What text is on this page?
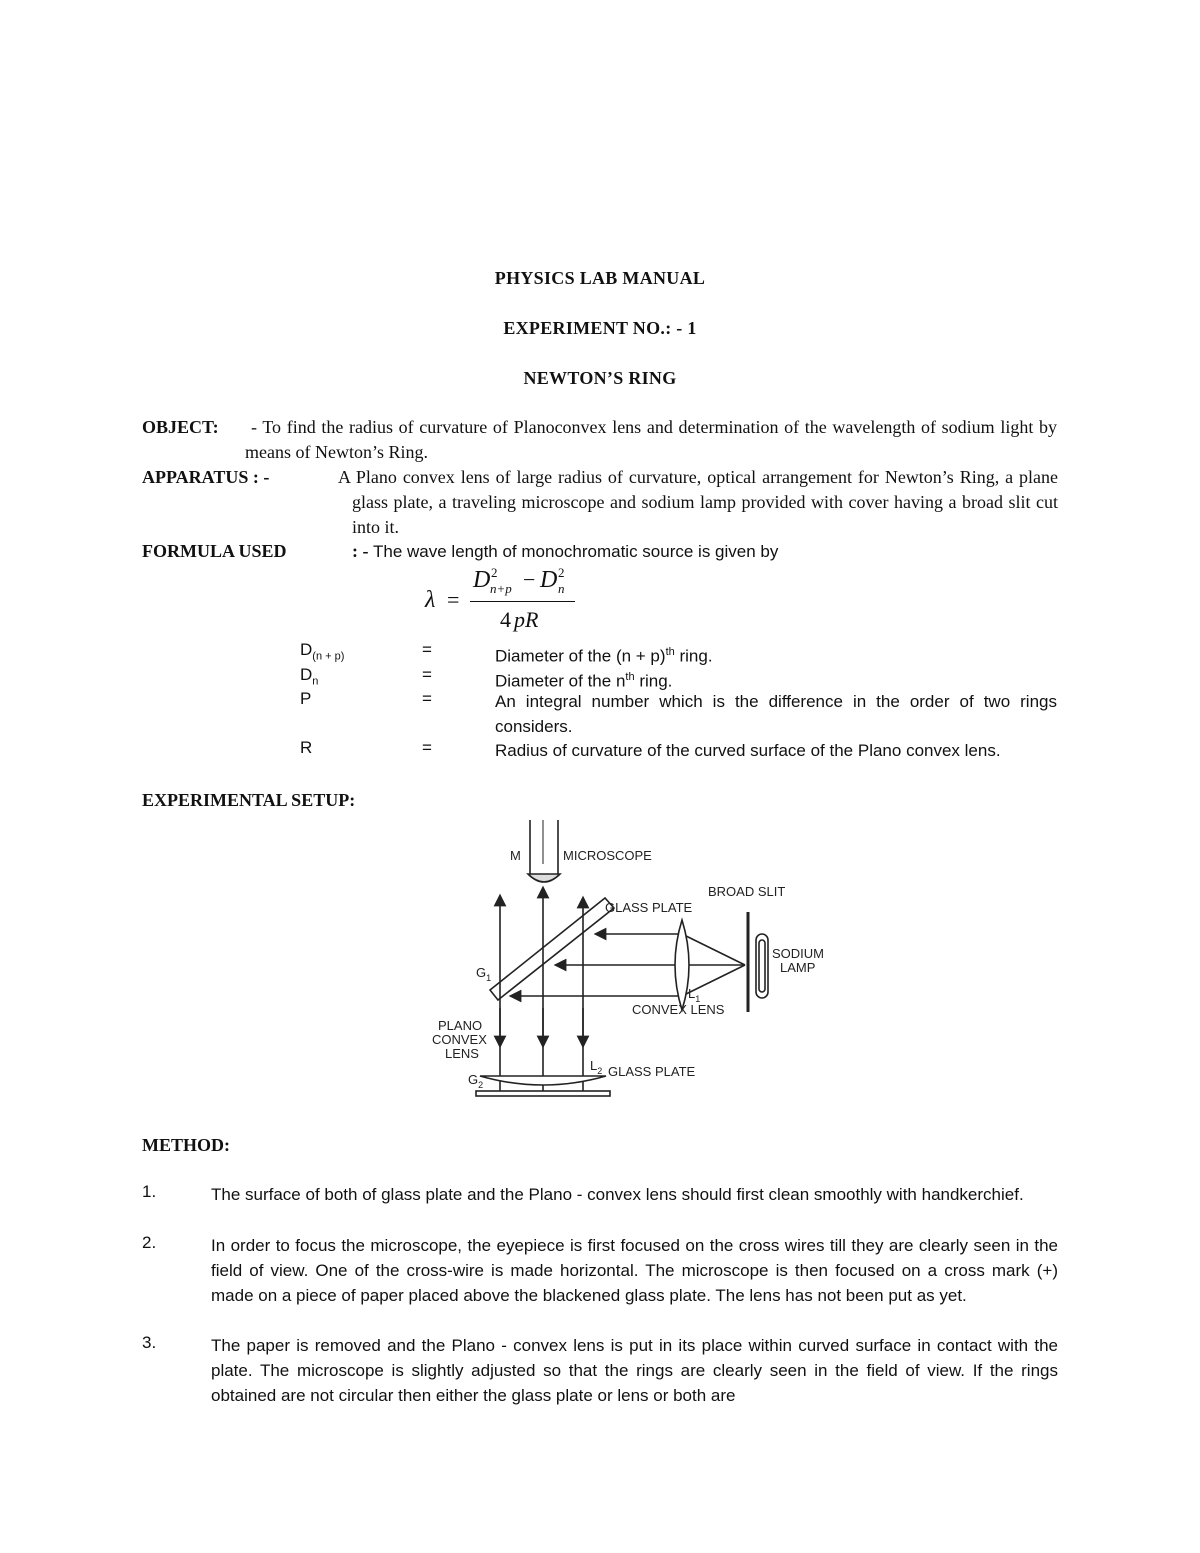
PHYSICS LAB MANUAL
EXPERIMENT NO.: - 1
NEWTON’S RING
OBJECT:	- To find the radius of curvature of Planoconvex lens and determination of the wavelength of sodium light by means of Newton’s Ring.
APPARATUS : -	A Plano convex lens of large radius of curvature, optical arrangement for Newton’s Ring, a plane glass plate, a traveling microscope and sodium lamp provided with cover having a broad slit cut into it.
FORMULA USED	: - The wave length of monochromatic source is given by
λ =
D 2
n+p − D 2
n
4 pR
$D_{(n + p)}$	=	Diameter of the $(n + p)^{th}$ ring.
$D_n$	=	Diameter of the $n^{th}$ ring.
P	=	An integral number which is the difference in the order of two rings considers.
R	=	Radius of curvature of the curved surface of the Plano convex lens.
EXPERIMENTAL SETUP:
M	MICROSCOPE
BROAD SLIT
GLASS PLATE
$G_1$
SODIUM
LAMP
$L_1$
CONVEX LENS
PLANO
CONVEX
LENS
$G_2$
$L_2$ GLASS PLATE
METHOD:
1.	The surface of both of glass plate and the Plano - convex lens should first clean smoothly with handkerchief.
2.	In order to focus the microscope, the eyepiece is first focused on the cross wires till they are clearly seen in the field of view. One of the cross-wire is made horizontal. The microscope is then focused on a cross mark (+) made on a piece of paper placed above the blackened glass plate. The lens has not been put as yet.
3.	The paper is removed and the Plano - convex lens is put in its place within curved surface in contact with the plate. The microscope is slightly adjusted so that the rings are clearly seen in the field of view. If the rings obtained are not circular then either the glass plate or lens or both are
